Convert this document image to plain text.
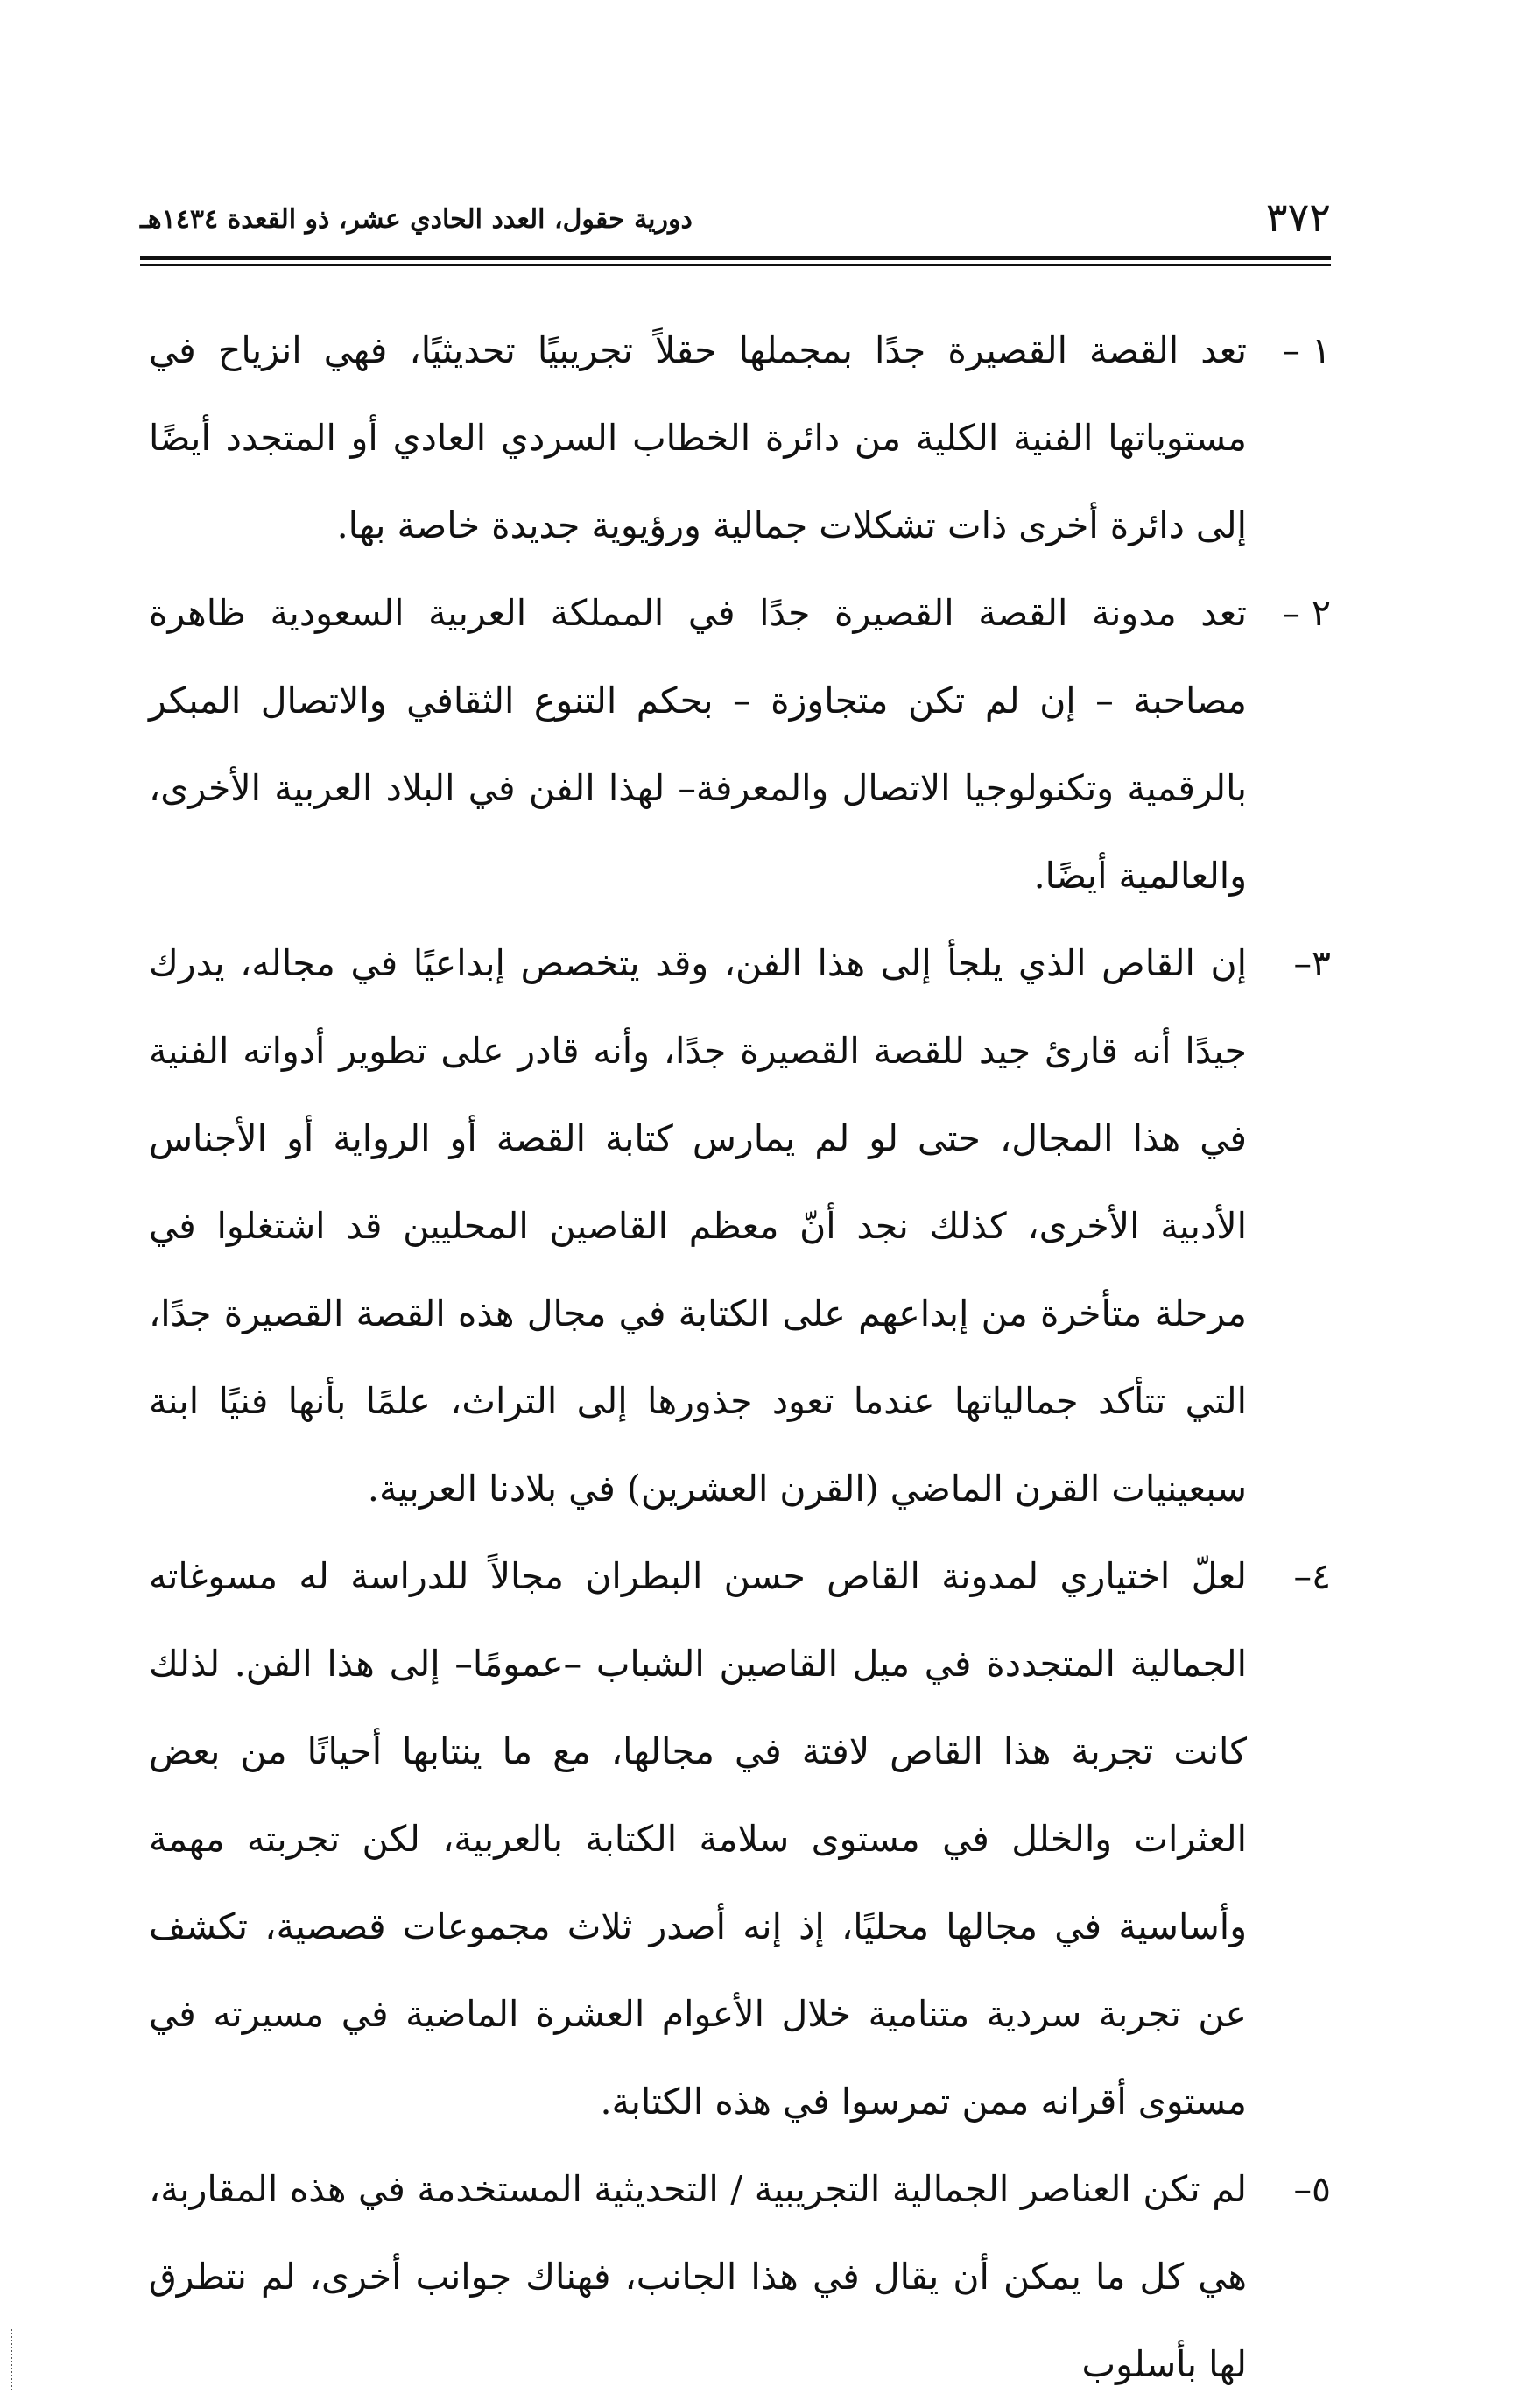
٣٧٢
دورية حقول، العدد الحادي عشر، ذو القعدة ١٤٣٤هـ
١ –
تعد القصة القصيرة جدًا بمجملها حقلاً تجريبيًا تحديثيًا، فهي انزياح في مستوياتها الفنية الكلية من دائرة الخطاب السردي العادي أو المتجدد أيضًا إلى دائرة أخرى ذات تشكلات جمالية ورؤيوية جديدة خاصة بها.
٢ –
تعد مدونة القصة القصيرة جدًا في المملكة العربية السعودية ظاهرة مصاحبة – إن لم تكن متجاوزة – بحكم التنوع الثقافي والاتصال المبكر بالرقمية وتكنولوجيا الاتصال والمعرفة– لهذا الفن في البلاد العربية الأخرى، والعالمية أيضًا.
٣–
إن القاص الذي يلجأ إلى هذا الفن، وقد يتخصص إبداعيًا في مجاله، يدرك جيدًا أنه قارئ جيد للقصة القصيرة جدًا، وأنه قادر على تطوير أدواته الفنية في هذا المجال، حتى لو لم يمارس كتابة القصة أو الرواية أو الأجناس الأدبية الأخرى، كذلك نجد أنّ معظم القاصين المحليين قد اشتغلوا في مرحلة متأخرة من إبداعهم على الكتابة في مجال هذه القصة القصيرة جدًا، التي تتأكد جمالياتها عندما تعود جذورها إلى التراث، علمًا بأنها فنيًا ابنة سبعينيات القرن الماضي (القرن العشرين) في بلادنا العربية.
٤–
لعلّ اختياري لمدونة القاص حسن البطران مجالاً للدراسة له مسوغاته الجمالية المتجددة في ميل القاصين الشباب –عمومًا– إلى هذا الفن. لذلك كانت تجربة هذا القاص لافتة في مجالها، مع ما ينتابها أحيانًا من بعض العثرات والخلل في مستوى سلامة الكتابة بالعربية، لكن تجربته مهمة وأساسية في مجالها محليًا، إذ إنه أصدر ثلاث مجموعات قصصية، تكشف عن تجربة سردية متنامية خلال الأعوام العشرة الماضية في مسيرته في مستوى أقرانه ممن تمرسوا في هذه الكتابة.
٥–
لم تكن العناصر الجمالية التجريبية / التحديثية المستخدمة في هذه المقاربة، هي كل ما يمكن أن يقال في هذا الجانب، فهناك جوانب أخرى، لم نتطرق لها بأسلوب
